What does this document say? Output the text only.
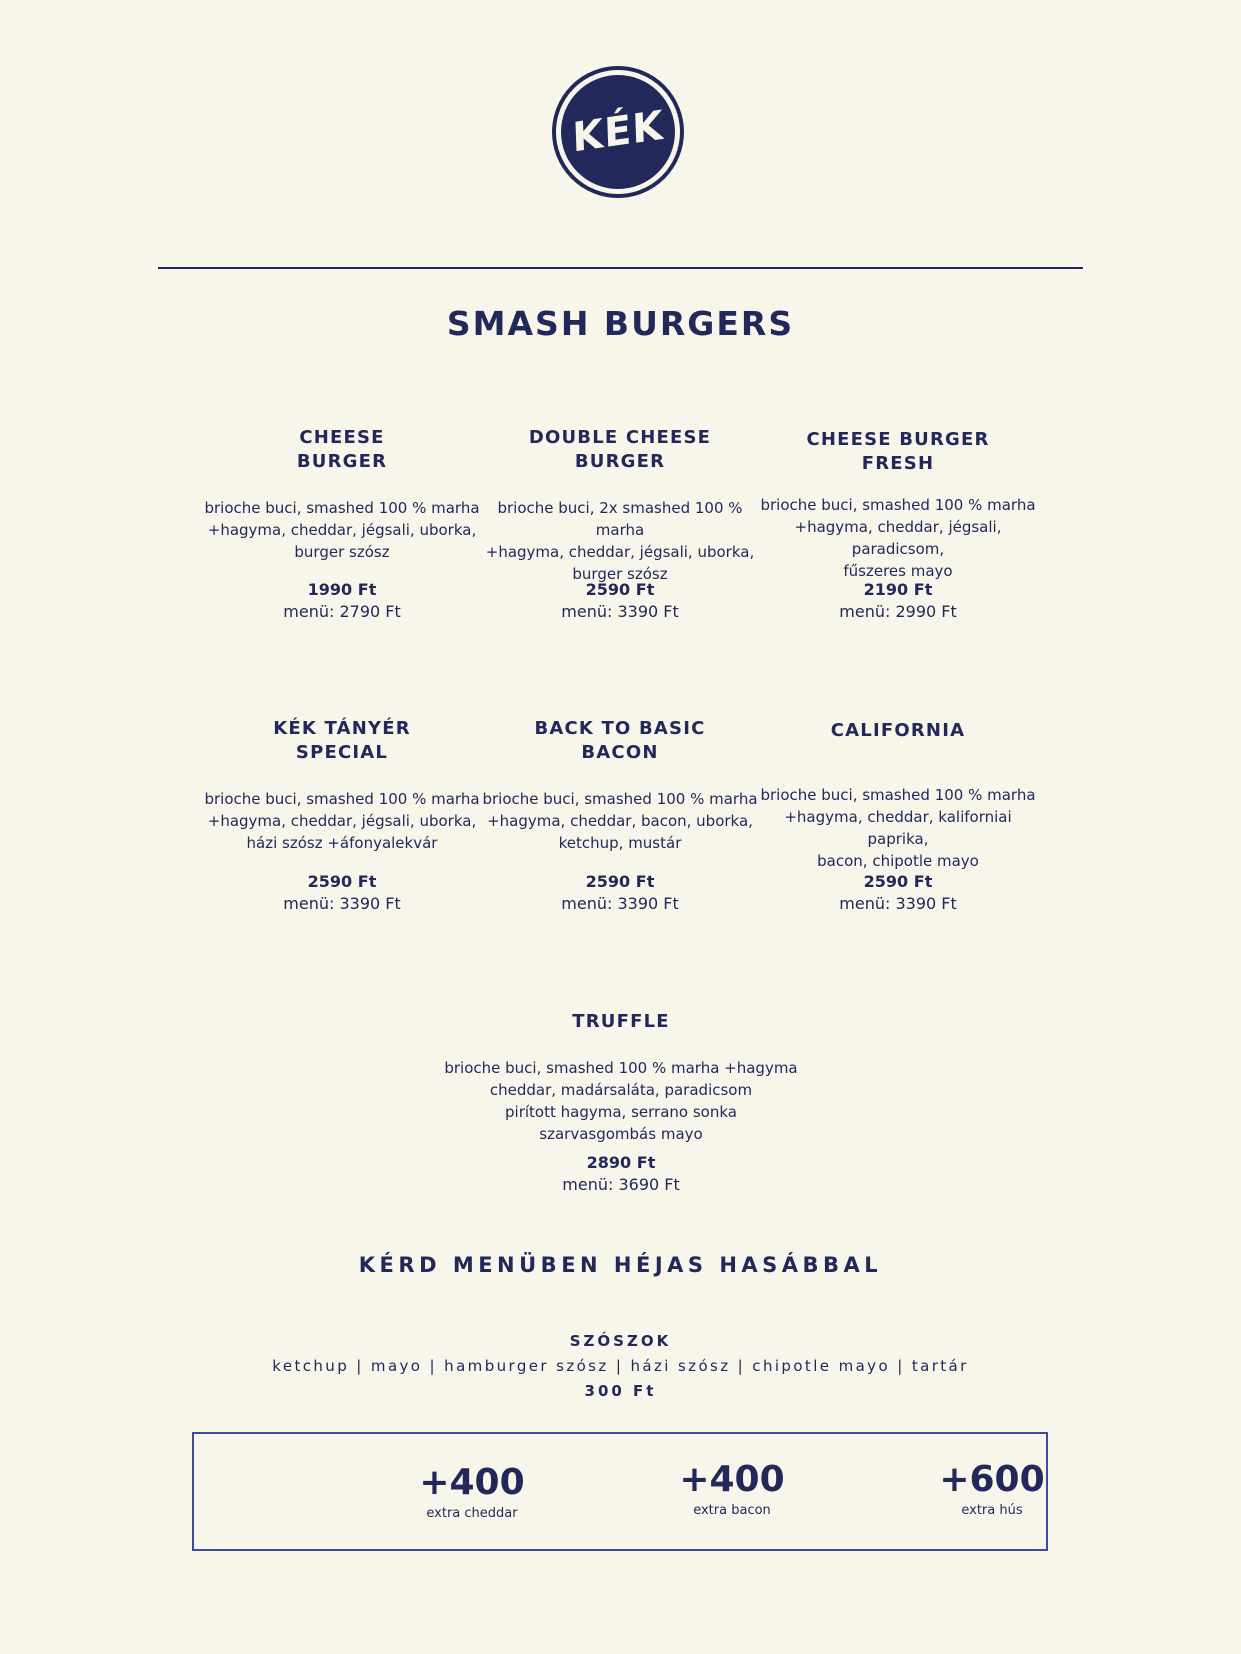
KÉK
SMASH BURGERS
CHEESE
BURGER
brioche buci, smashed 100 % marha
+hagyma, cheddar, jégsali, uborka,
burger szósz
1990 Ft
menü: 2790 Ft
DOUBLE CHEESE
BURGER
brioche buci, 2x smashed 100 % marha
+hagyma, cheddar, jégsali, uborka,
burger szósz
2590 Ft
menü: 3390 Ft
CHEESE BURGER
FRESH
brioche buci, smashed 100 % marha
+hagyma, cheddar, jégsali, paradicsom,
fűszeres mayo
2190 Ft
menü: 2990 Ft
KÉK TÁNYÉR
SPECIAL
brioche buci, smashed 100 % marha
+hagyma, cheddar, jégsali, uborka,
házi szósz +áfonyalekvár
2590 Ft
menü: 3390 Ft
BACK TO BASIC
BACON
brioche buci, smashed 100 % marha
+hagyma, cheddar, bacon, uborka,
ketchup, mustár
2590 Ft
menü: 3390 Ft
CALIFORNIA
brioche buci, smashed 100 % marha
+hagyma, cheddar, kaliforniai paprika,
bacon, chipotle mayo
2590 Ft
menü: 3390 Ft
TRUFFLE
brioche buci, smashed 100 % marha +hagyma
cheddar, madársaláta, paradicsom
pirított hagyma, serrano sonka
szarvasgombás mayo
2890 Ft
menü: 3690 Ft
KÉRD MENÜBEN HÉJAS HASÁBBAL
SZÓSZOK
ketchup | mayo | hamburger szósz | házi szósz | chipotle mayo | tartár
300 Ft
+400
extra cheddar
+400
extra bacon
+600
extra hús
